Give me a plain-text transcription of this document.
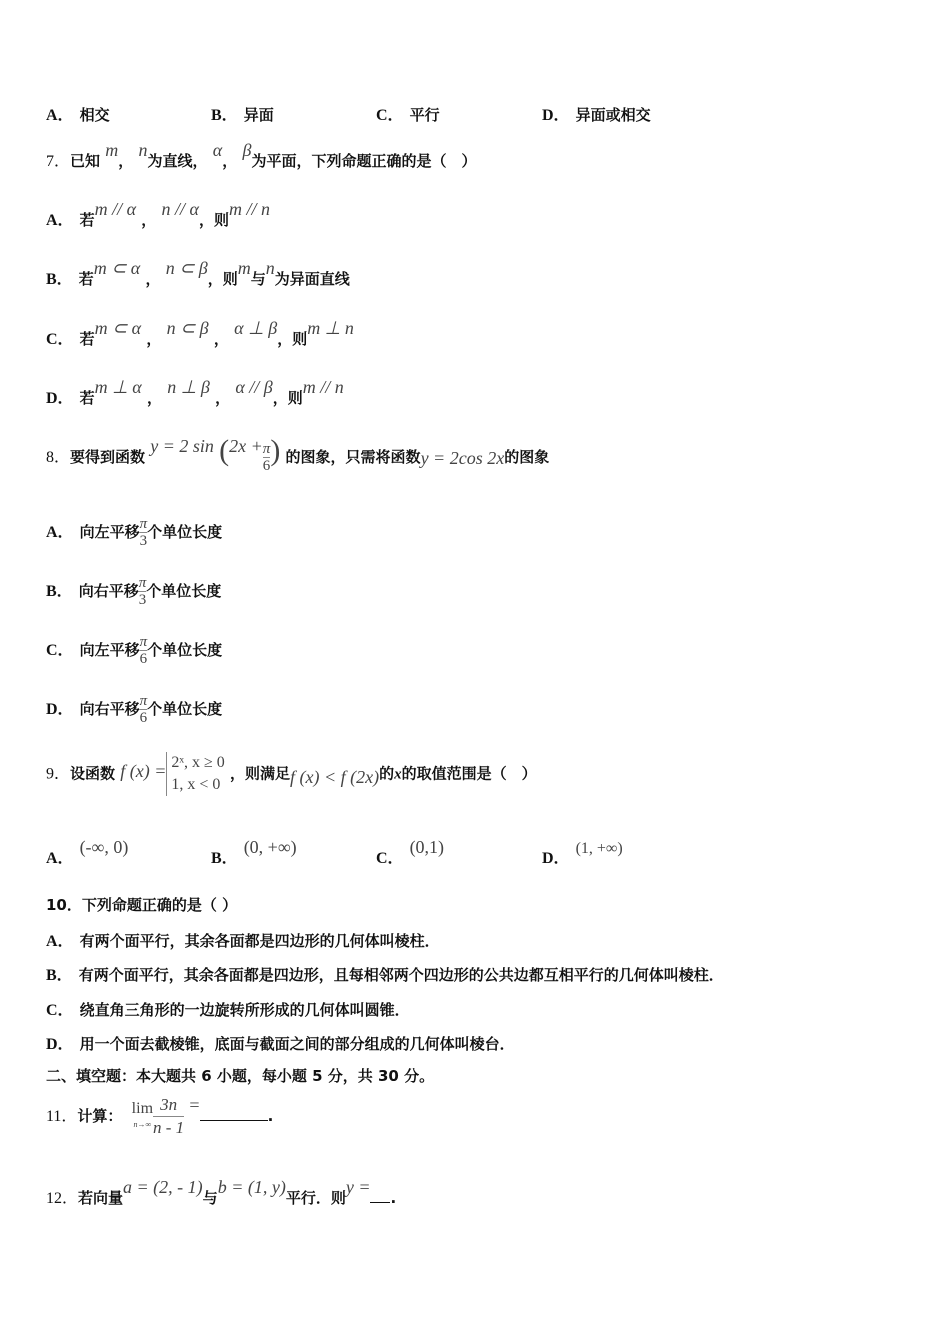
A． 相交	B． 异面	C． 平行	D． 异面或相交
7．已知 m， n为直线， α， β为平面，下列命题正确的是（　）
A． 若m // α ， n // α，则m // n
B． 若m ⊂ α ， n ⊂ β，则m与n为异面直线
C． 若m ⊂ α ， n ⊂ β ， α ⊥ β，则m ⊥ n
D． 若m ⊥ α ， n ⊥ β ， α // β，则m // n
8．要得到函数 y = 2 $\sin (2x + \frac{\pi}{6})$ 的图象，只需将函数y = 2cos 2x的图象
A． 向左平移 $\frac{\pi}{3}$个单位长度
B． 向右平移 $\frac{\pi}{3}$个单位长度
C． 向左平移 $\frac{\pi}{6}$个单位长度
D． 向右平移 $\frac{\pi}{6}$个单位长度
9．设函数 f (x) = 2ˣ, x ≥ 0
1, x < 0
，则满足f (x) < f (2x)的x的取值范围是（　）
A．(-∞, 0)
B．(0, +∞)
C．(0,1)
D．(1, +∞)
10．下列命题正确的是（ ）
A． 有两个面平行，其余各面都是四边形的几何体叫棱柱．
B． 有两个面平行，其余各面都是四边形，且每相邻两个四边形的公共边都互相平行的几何体叫棱柱．
C． 绕直角三角形的一边旋转所形成的几何体叫圆锥．
D． 用一个面去截棱锥，底面与截面之间的部分组成的几何体叫棱台．
二、填空题：本大题共 6 小题，每小题 5 分，共 30 分。
11．计算： lim
$n\to\infty \frac{3n}{n - 1}$ =.
12．若向量a = (2, - 1)与b = (1, y)平行．则y =.
